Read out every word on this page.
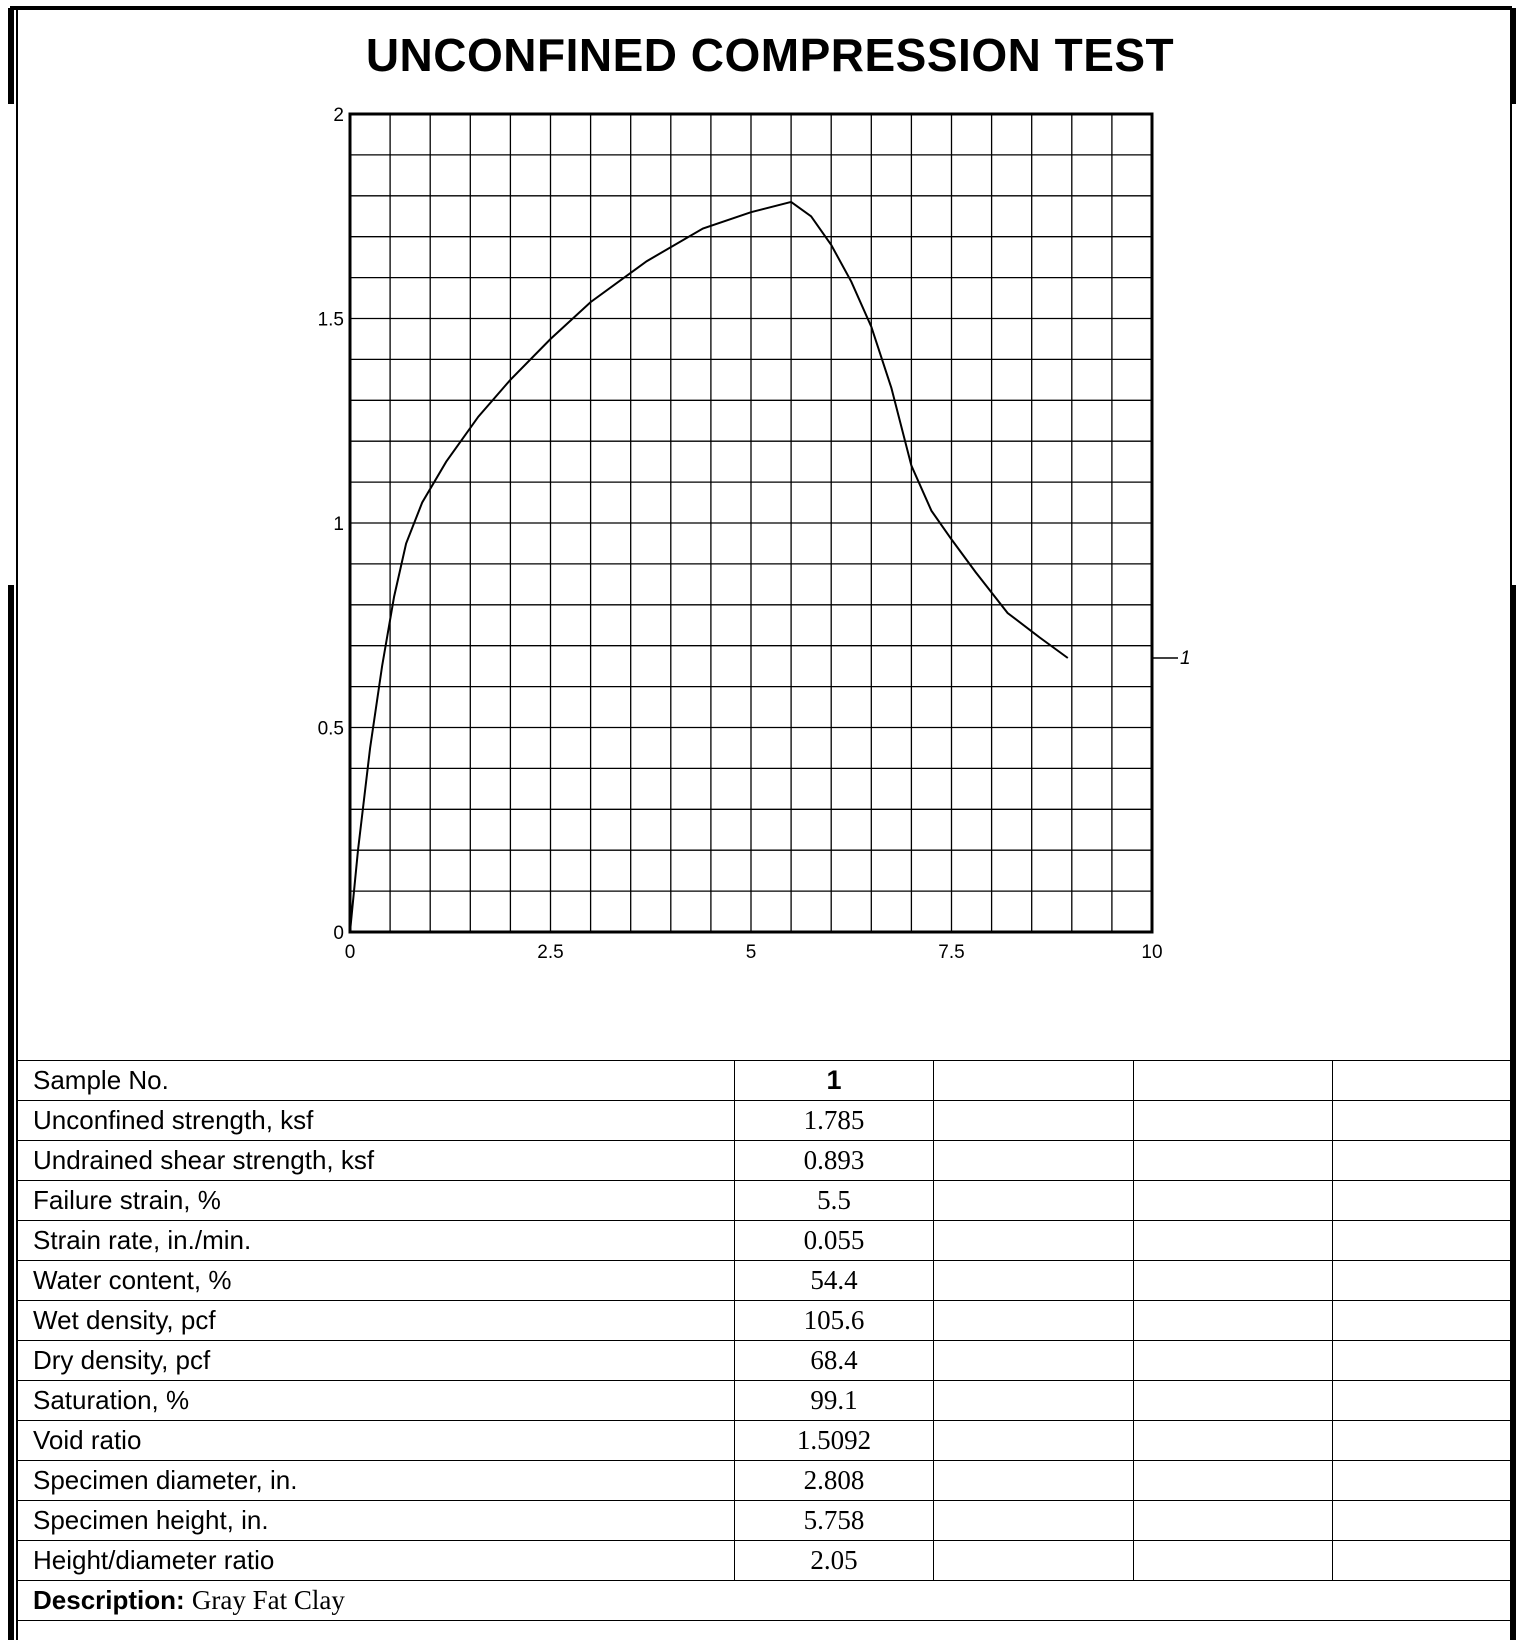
UNCONFINED COMPRESSION TEST
0	2.5	5	7.5	10
0
0.5
1
1.5
2
1
Sample No.	1			
Unconfined strength, ksf	1.785			
Undrained shear strength, ksf	0.893			
Failure strain, %	5.5			
Strain rate, in./min.	0.055			
Water content, %	54.4			
Wet density, pcf	105.6			
Dry density, pcf	68.4			
Saturation, %	99.1			
Void ratio	1.5092			
Specimen diameter, in.	2.808			
Specimen height, in.	5.758			
Height/diameter ratio	2.05			
Description: Gray Fat Clay				
